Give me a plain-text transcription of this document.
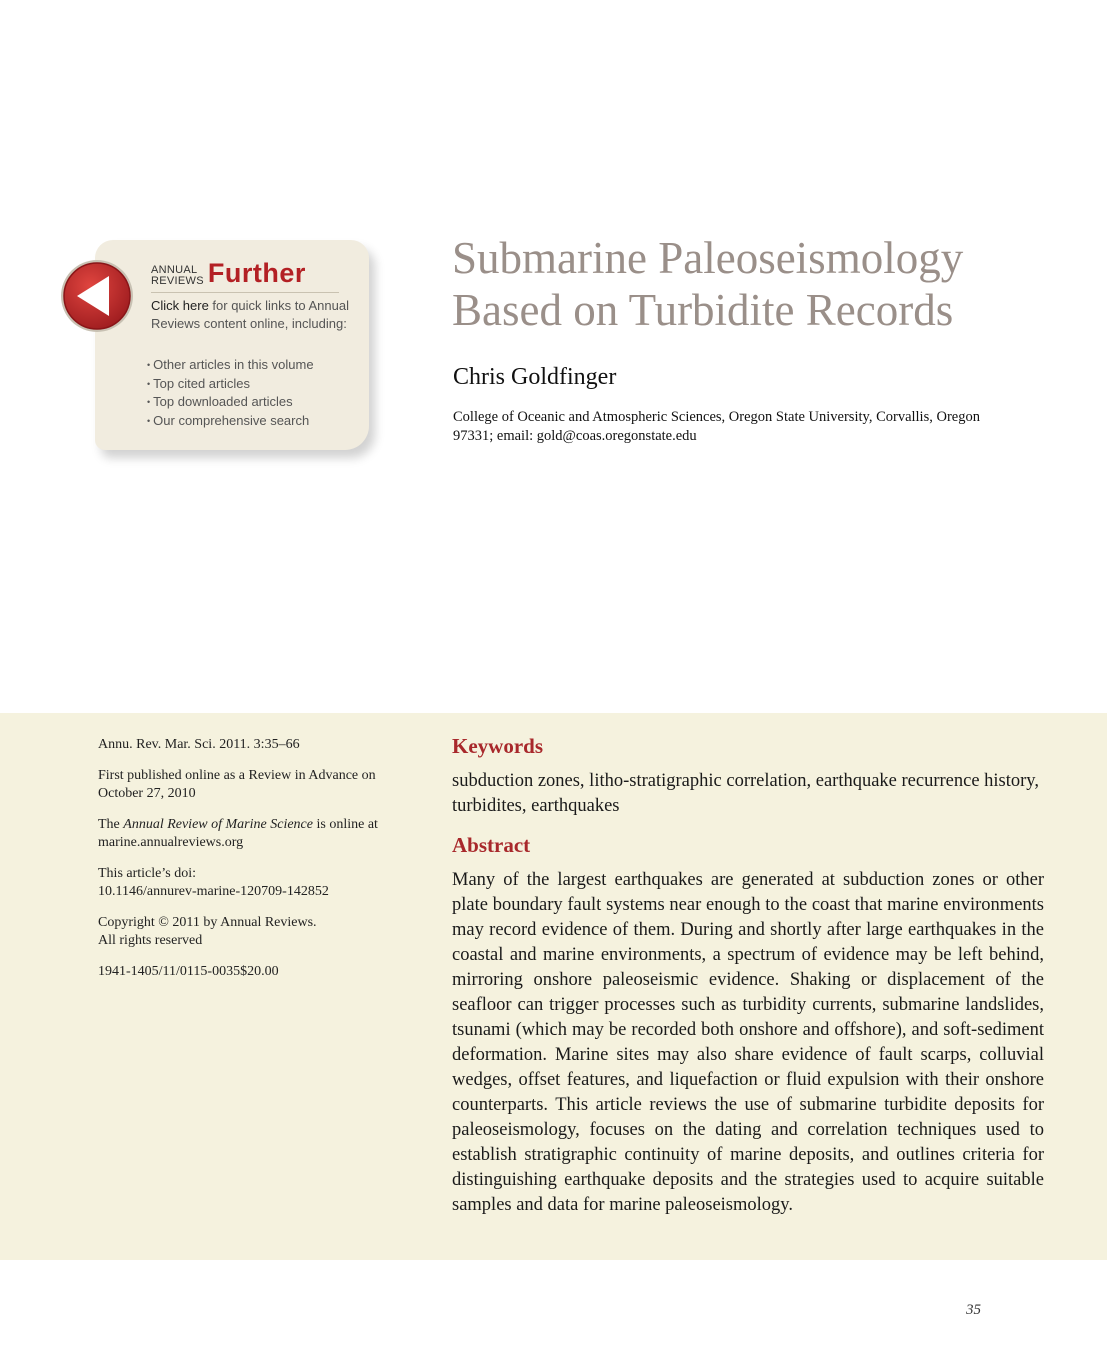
ANNUAL
REVIEWS Further
Click here for quick links to Annual Reviews content online, including:
• Other articles in this volume
• Top cited articles
• Top downloaded articles
• Our comprehensive search
Submarine Paleoseismology
Based on Turbidite Records
Chris Goldfinger
College of Oceanic and Atmospheric Sciences, Oregon State University, Corvallis, Oregon 97331; email: gold@coas.oregonstate.edu

Annu. Rev. Mar. Sci. 2011. 3:35–66

First published online as a Review in Advance on October 27, 2010

The Annual Review of Marine Science is online at marine.annualreviews.org

This article’s doi:
10.1146/annurev-marine-120709-142852

Copyright © 2011 by Annual Reviews.
All rights reserved

1941-1405/11/0115-0035$20.00

Keywords
subduction zones, litho-stratigraphic correlation, earthquake recurrence history, turbidites, earthquakes
Abstract
Many of the largest earthquakes are generated at subduction zones or other plate boundary fault systems near enough to the coast that marine environments may record evidence of them. During and shortly after large earthquakes in the coastal and marine environments, a spectrum of evidence may be left behind, mirroring onshore paleoseismic evidence. Shaking or displacement of the seafloor can trigger processes such as turbidity currents, submarine landslides, tsunami (which may be recorded both onshore and offshore), and soft-sediment deformation. Marine sites may also share evidence of fault scarps, colluvial wedges, offset features, and liquefaction or fluid expulsion with their onshore counterparts. This article reviews the use of submarine turbidite deposits for paleoseismology, focuses on the dating and correlation techniques used to establish stratigraphic continuity of marine deposits, and outlines criteria for distinguishing earthquake deposits and the strategies used to acquire suitable samples and data for marine paleoseismology.
35
